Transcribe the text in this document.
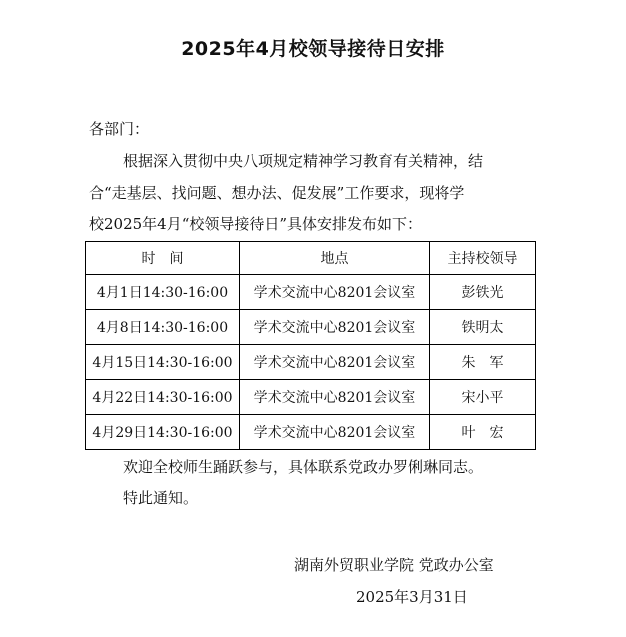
2025年4月校领导接待日安排
各部门：
根据深入贯彻中央八项规定精神学习教育有关精神，结
合“走基层、找问题、想办法、促发展”工作要求，现将学
校2025年4月“校领导接待日”具体安排发布如下：
时　间	地点	主持校领导
4月1日14:30-16:00	学术交流中心8201会议室	彭铁光
4月8日14:30-16:00	学术交流中心8201会议室	铁明太
4月15日14:30-16:00	学术交流中心8201会议室	朱　军
4月22日14:30-16:00	学术交流中心8201会议室	宋小平
4月29日14:30-16:00	学术交流中心8201会议室	叶　宏
欢迎全校师生踊跃参与，具体联系党政办罗俐琳同志。
特此通知。
湖南外贸职业学院 党政办公室
2025年3月31日
